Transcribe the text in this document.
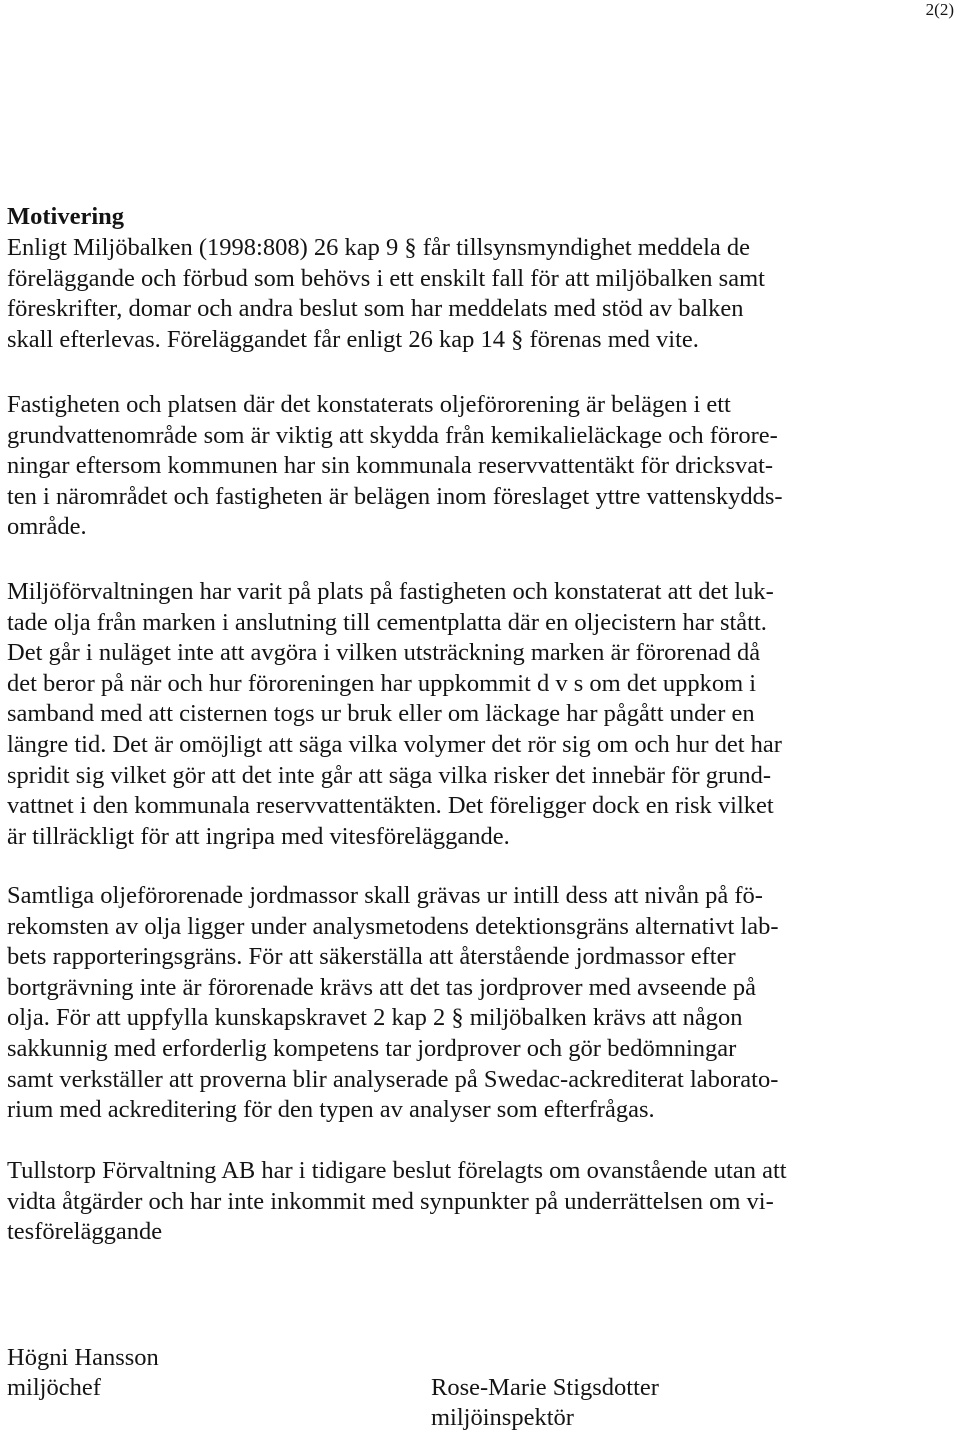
2(2)
Motivering
Enligt Miljöbalken (1998:808) 26 kap 9 § får tillsynsmyndighet meddela de
föreläggande och förbud som behövs i ett enskilt fall för att miljöbalken samt
föreskrifter, domar och andra beslut som har meddelats med stöd av balken
skall efterlevas. Föreläggandet får enligt 26 kap 14 § förenas med vite.
Fastigheten och platsen där det konstaterats oljeförorening är belägen i ett
grundvattenområde som är viktig att skydda från kemikalieläckage och förore-
ningar eftersom kommunen har sin kommunala reservvattentäkt för dricksvat-
ten i närområdet och fastigheten är belägen inom föreslaget yttre vattenskydds-
område.
Miljöförvaltningen har varit på plats på fastigheten och konstaterat att det luk-
tade olja från marken i anslutning till cementplatta där en oljecistern har stått.
Det går i nuläget inte att avgöra i vilken utsträckning marken är förorenad då
det beror på när och hur föroreningen har uppkommit d v s om det uppkom i
samband med att cisternen togs ur bruk eller om läckage har pågått under en
längre tid. Det är omöjligt att säga vilka volymer det rör sig om och hur det har
spridit sig vilket gör att det inte går att säga vilka risker det innebär för grund-
vattnet i den kommunala reservvattentäkten. Det föreligger dock en risk vilket
är tillräckligt för att ingripa med vitesföreläggande.
Samtliga oljeförorenade jordmassor skall grävas ur intill dess att nivån på fö-
rekomsten av olja ligger under analysmetodens detektionsgräns alternativt lab-
bets rapporteringsgräns. För att säkerställa att återstående jordmassor efter
bortgrävning inte är förorenade krävs att det tas jordprover med avseende på
olja. För att uppfylla kunskapskravet 2 kap 2 § miljöbalken krävs att någon
sakkunnig med erforderlig kompetens tar jordprover och gör bedömningar
samt verkställer att proverna blir analyserade på Swedac-ackrediterat laborato-
rium med ackreditering för den typen av analyser som efterfrågas.
Tullstorp Förvaltning AB har i tidigare beslut förelagts om ovanstående utan att
vidta åtgärder och har inte inkommit med synpunkter på underrättelsen om vi-
tesföreläggande
Högni Hansson
miljöchef	Rose-Marie Stigsdotter
miljöinspektör
